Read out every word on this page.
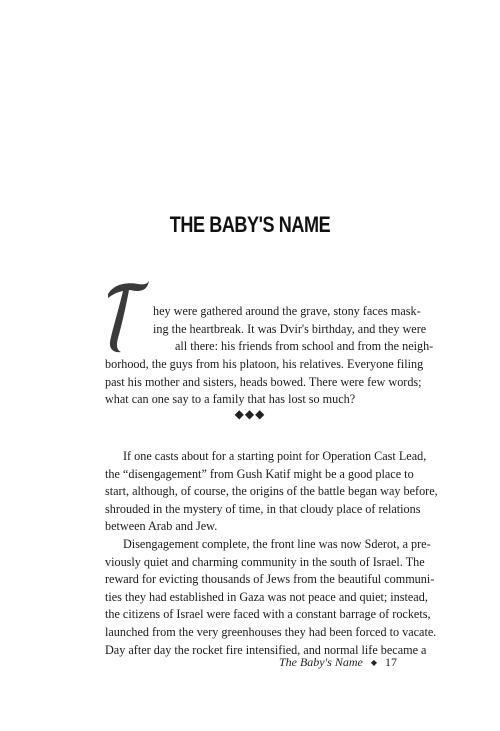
THE BABY'S NAME
hey were gathered around the grave, stony faces mask-
ing the heartbreak. It was Dvir's birthday, and they were
all there: his friends from school and from the neigh-
borhood, the guys from his platoon, his relatives. Everyone filing
past his mother and sisters, heads bowed. There were few words;
what can one say to a family that has lost so much?
◆◆◆
If one casts about for a starting point for Operation Cast Lead,
the “disengagement” from Gush Katif might be a good place to
start, although, of course, the origins of the battle began way before,
shrouded in the mystery of time, in that cloudy place of relations
between Arab and Jew.
Disengagement complete, the front line was now Sderot, a pre-
viously quiet and charming community in the south of Israel. The
reward for evicting thousands of Jews from the beautiful communi-
ties they had established in Gaza was not peace and quiet; instead,
the citizens of Israel were faced with a constant barrage of rockets,
launched from the very greenhouses they had been forced to vacate.
Day after day the rocket fire intensified, and normal life became a
The Baby's Name ◆ 17
